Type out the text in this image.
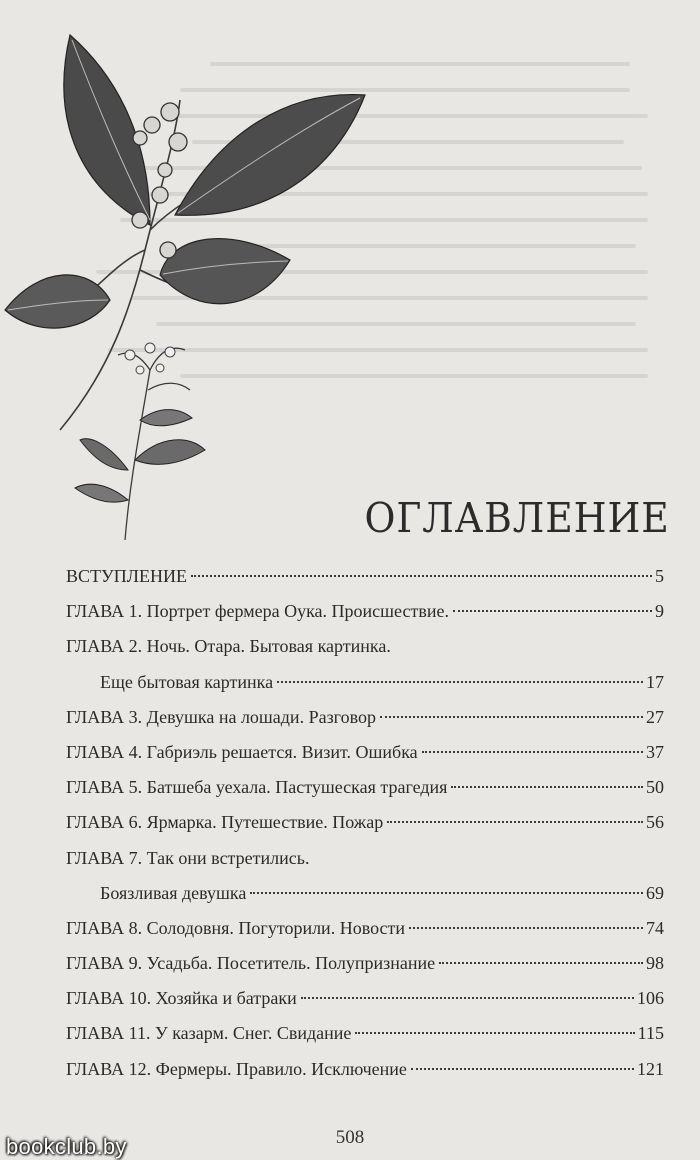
ОГЛАВЛЕНИЕ
ВСТУПЛЕНИЕ	5
ГЛАВА 1. Портрет фермера Оука. Происшествие.	9
ГЛАВА 2. Ночь. Отара. Бытовая картинка.
Еще бытовая картинка	17
ГЛАВА 3. Девушка на лошади. Разговор	27
ГЛАВА 4. Габриэль решается. Визит. Ошибка	37
ГЛАВА 5. Батшеба уехала. Пастушеская трагедия	50
ГЛАВА 6. Ярмарка. Путешествие. Пожар	56
ГЛАВА 7. Так они встретились.
Боязливая девушка	69
ГЛАВА 8. Солодовня. Погуторили. Новости	74
ГЛАВА 9. Усадьба. Посетитель. Полупризнание	98
ГЛАВА 10. Хозяйка и батраки	106
ГЛАВА 11. У казарм. Снег. Свидание	115
ГЛАВА 12. Фермеры. Правило. Исключение	121
508
bookclub.by
